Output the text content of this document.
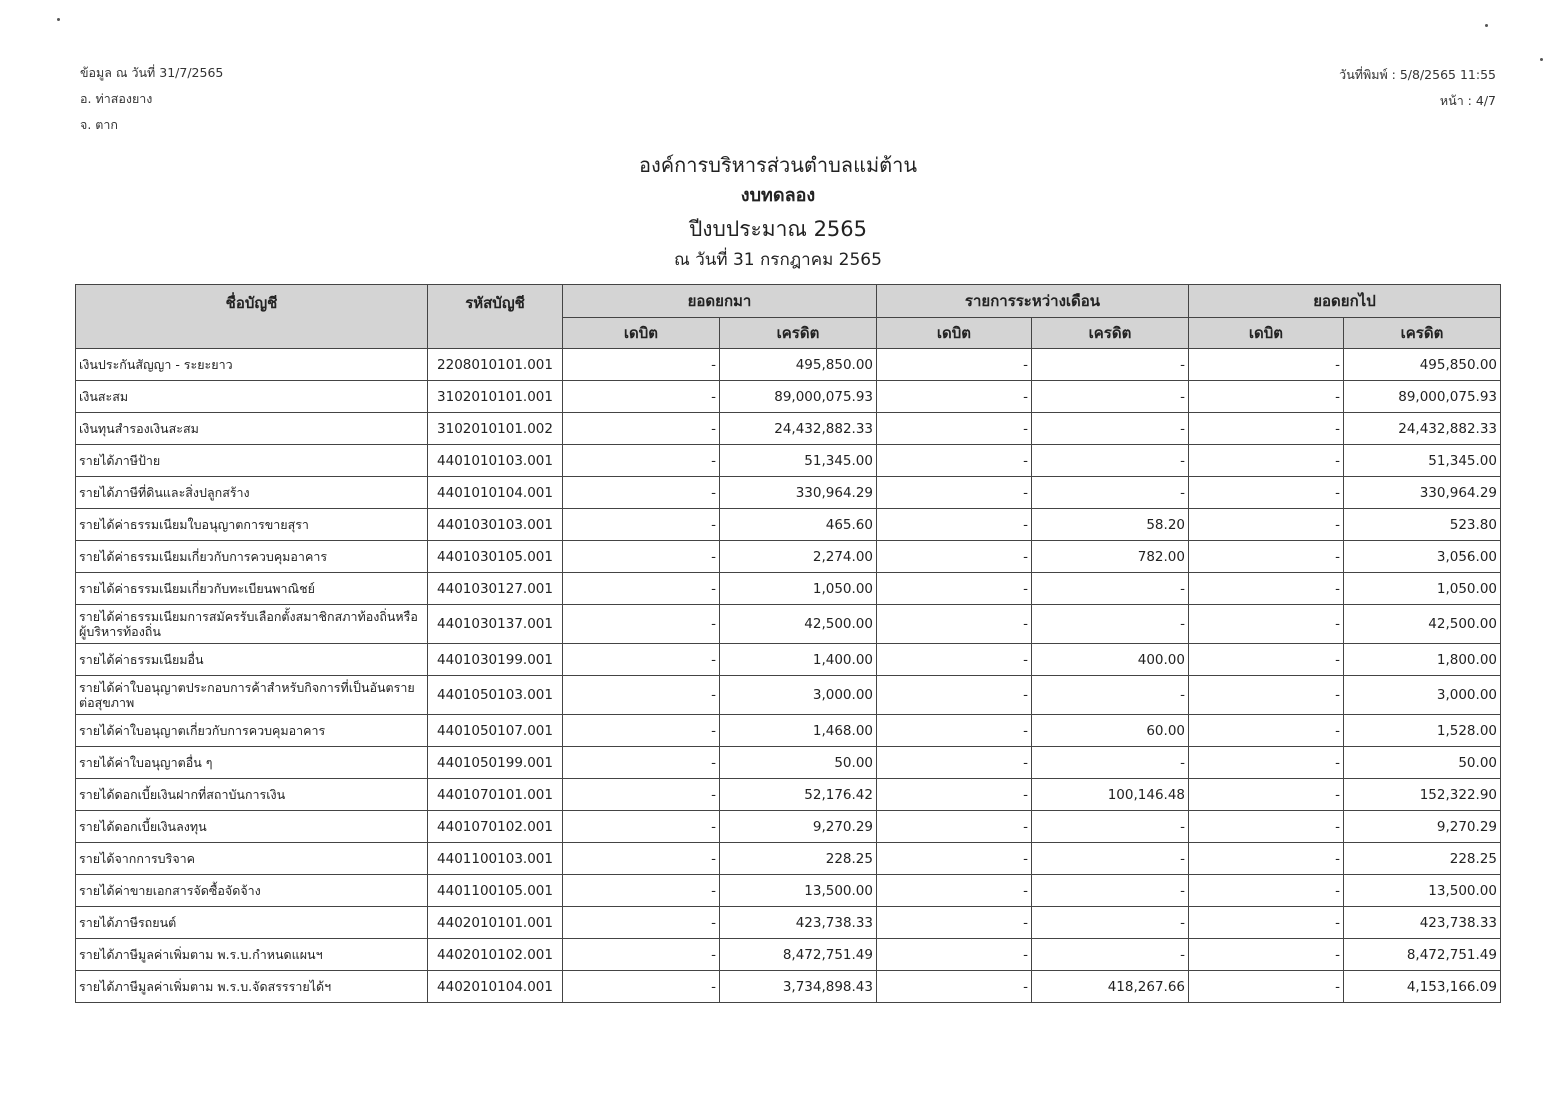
ข้อมูล ณ วันที่ 31/7/2565
อ. ท่าสองยาง
จ. ตาก
วันที่พิมพ์ : 5/8/2565 11:55
หน้า : 4/7
องค์การบริหารส่วนตำบลแม่ต้าน
งบทดลอง
ปีงบประมาณ 2565
ณ วันที่ 31 กรกฎาคม 2565
ชื่อบัญชี	รหัสบัญชี	ยอดยกมา		รายการระหว่างเดือน		ยอดยกไป	
		เดบิต	เครดิต	เดบิต	เครดิต	เดบิต	เครดิต
เงินประกันสัญญา - ระยะยาว	2208010101.001	-	495,850.00	-	-	-	495,850.00
เงินสะสม	3102010101.001	-	89,000,075.93	-	-	-	89,000,075.93
เงินทุนสำรองเงินสะสม	3102010101.002	-	24,432,882.33	-	-	-	24,432,882.33
รายได้ภาษีป้าย	4401010103.001	-	51,345.00	-	-	-	51,345.00
รายได้ภาษีที่ดินและสิ่งปลูกสร้าง	4401010104.001	-	330,964.29	-	-	-	330,964.29
รายได้ค่าธรรมเนียมใบอนุญาตการขายสุรา	4401030103.001	-	465.60	-	58.20	-	523.80
รายได้ค่าธรรมเนียมเกี่ยวกับการควบคุมอาคาร	4401030105.001	-	2,274.00	-	782.00	-	3,056.00
รายได้ค่าธรรมเนียมเกี่ยวกับทะเบียนพาณิชย์	4401030127.001	-	1,050.00	-	-	-	1,050.00
รายได้ค่าธรรมเนียมการสมัครรับเลือกตั้งสมาชิกสภาท้องถิ่นหรือผู้บริหารท้องถิ่น	4401030137.001	-	42,500.00	-	-	-	42,500.00
รายได้ค่าธรรมเนียมอื่น	4401030199.001	-	1,400.00	-	400.00	-	1,800.00
รายได้ค่าใบอนุญาตประกอบการค้าสำหรับกิจการที่เป็นอันตรายต่อสุขภาพ	4401050103.001	-	3,000.00	-	-	-	3,000.00
รายได้ค่าใบอนุญาตเกี่ยวกับการควบคุมอาคาร	4401050107.001	-	1,468.00	-	60.00	-	1,528.00
รายได้ค่าใบอนุญาตอื่น ๆ	4401050199.001	-	50.00	-	-	-	50.00
รายได้ดอกเบี้ยเงินฝากที่สถาบันการเงิน	4401070101.001	-	52,176.42	-	100,146.48	-	152,322.90
รายได้ดอกเบี้ยเงินลงทุน	4401070102.001	-	9,270.29	-	-	-	9,270.29
รายได้จากการบริจาค	4401100103.001	-	228.25	-	-	-	228.25
รายได้ค่าขายเอกสารจัดซื้อจัดจ้าง	4401100105.001	-	13,500.00	-	-	-	13,500.00
รายได้ภาษีรถยนต์	4402010101.001	-	423,738.33	-	-	-	423,738.33
รายได้ภาษีมูลค่าเพิ่มตาม พ.ร.บ.กำหนดแผนฯ	4402010102.001	-	8,472,751.49	-	-	-	8,472,751.49
รายได้ภาษีมูลค่าเพิ่มตาม พ.ร.บ.จัดสรรรายได้ฯ	4402010104.001	-	3,734,898.43	-	418,267.66	-	4,153,166.09
